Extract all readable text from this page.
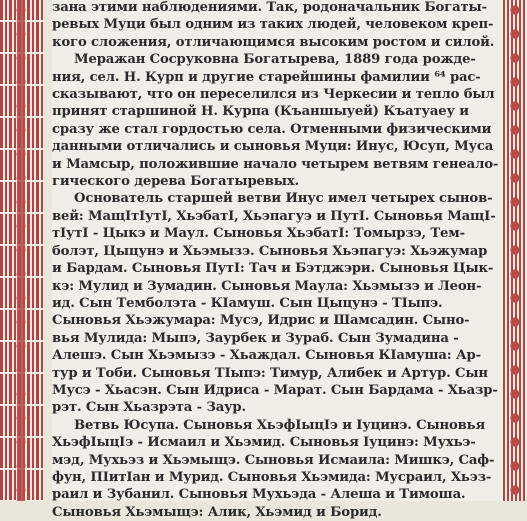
зана этими наблюдениями. Так, родоначальник Богаты-
ревых Муци был одним из таких людей, человеком креп-
кого сложения, отличающимся высоким ростом и силой.
Меражан Сосруковна Богатырева, 1889 года рожде-
ния, сел. Н. Курп и другие старейшины фамилии ⁶⁴ рас-
сказывают, что он переселился из Черкесии и тепло был
принят старшиной Н. Курпа (Къаншыуей) Къатуаеу и
сразу же стал гордостью села. Отменными физическими
данными отличались и сыновья Муци: Инус, Юсуп, Муса
и Мамсыр, положившие начало четырем ветвям генеало-
гического дерева Богатыревых.
Основатель старшей ветви Инус имел четырех сынов-
вей: МащIтIутI, ХьэбатI, Хьэпагуэ и ПутI. Сыновья МащI-
тIутI - Цыкэ и Маул. Сыновья ХьэбатI: Томырзэ, Тем-
болэт, Цыцунэ и Хьэмызэ. Сыновья Хьэпагуэ: Хьэжумар
и Бардам. Сыновья ПутI: Тач и Бэтджэри. Сыновья Цык-
кэ: Мулид и Зумадин. Сыновья Маула: Хьэмызэ и Леон-
ид. Сын Темболэта - КIамуш. Сын Цыцунэ - ТIыпэ.
Сыновья Хьэжумара: Мусэ, Идрис и Шамсадин. Сыно-
вья Мулида: Мыпэ, Заурбек и Зураб. Сын Зумадина -
Алешэ. Сын Хьэмызэ - Хьаждал. Сыновья КIамуша: Ар-
тур и Тоби. Сыновья ТIыпэ: Тимур, Алибек и Артур. Сын
Мусэ - Хьасэн. Сын Идриса - Марат. Сын Бардама - Хьазр-
рэт. Сын Хьазрэта - Заур.
Ветвь Юсупа. Сыновья ХьэфIыцIэ и Iуцинэ. Сыновья
ХьэфIыцIэ - Исмаил и Хьэмид. Сыновья Iуцинэ: Мухьэ-
мэд, Мухьэз и Хьэмыщэ. Сыновья Исмаила: Мишкэ, Саф-
фун, ПIитIан и Мурид. Сыновья Хьэмида: Мусраил, Хьэз-
раил и Зубанил. Сыновья Мухьэда - Алеша и Тимоша.
Сыновья Хьэмыщэ: Алик, Хьэмид и Борид.
